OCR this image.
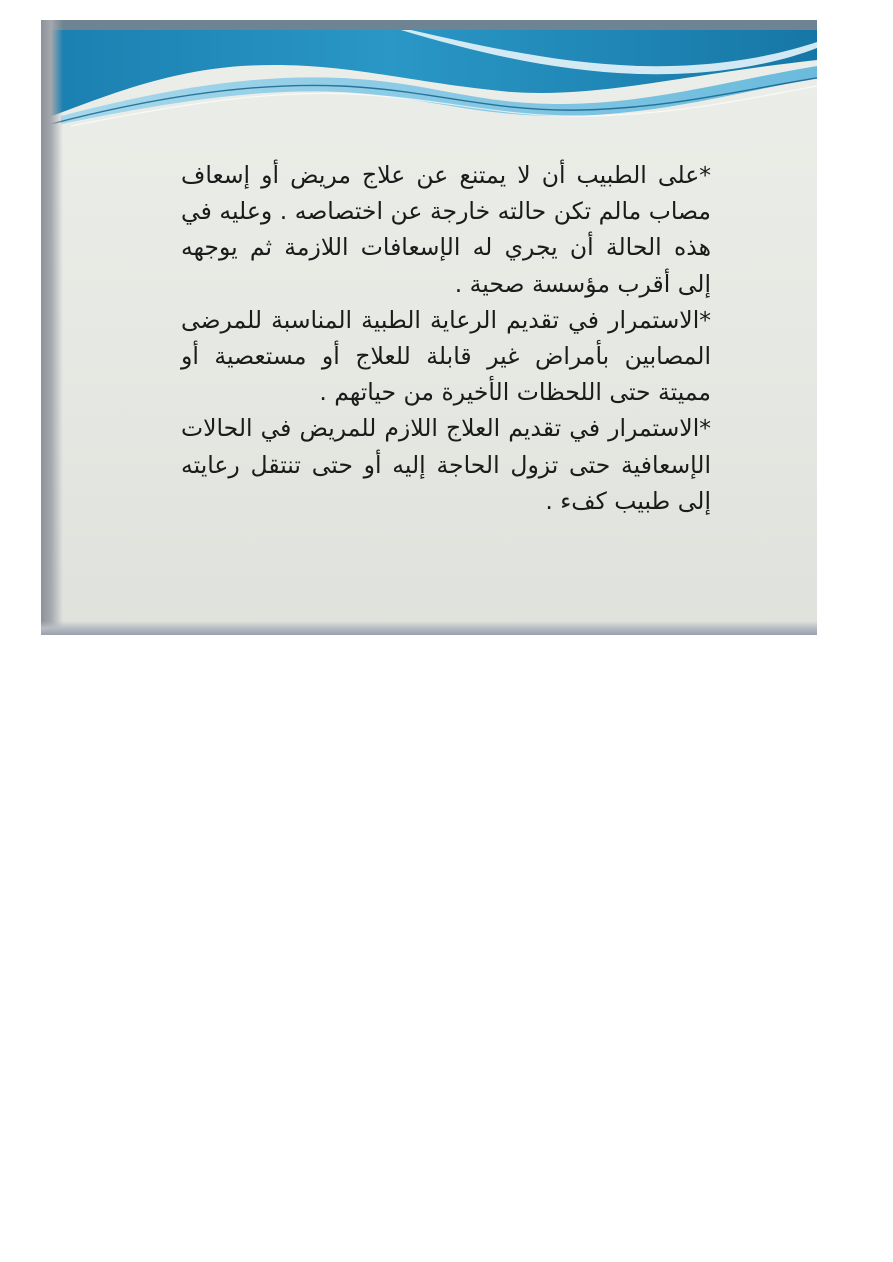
*على الطبيب أن لا يمتنع عن علاج مريض أو إسعاف مصاب مالم تكن حالته خارجة عن اختصاصه . وعليه في هذه الحالة أن يجري له الإسعافات اللازمة ثم يوجهه إلى أقرب مؤسسة صحية .

*الاستمرار في تقديم الرعاية الطبية المناسبة للمرضى المصابين بأمراض غير قابلة للعلاج أو مستعصية أو مميتة حتى اللحظات الأخيرة من حياتهم .

*الاستمرار في تقديم العلاج اللازم للمريض في الحالات الإسعافية حتى تزول الحاجة إليه أو حتى تنتقل رعايته إلى طبيب كفء .
